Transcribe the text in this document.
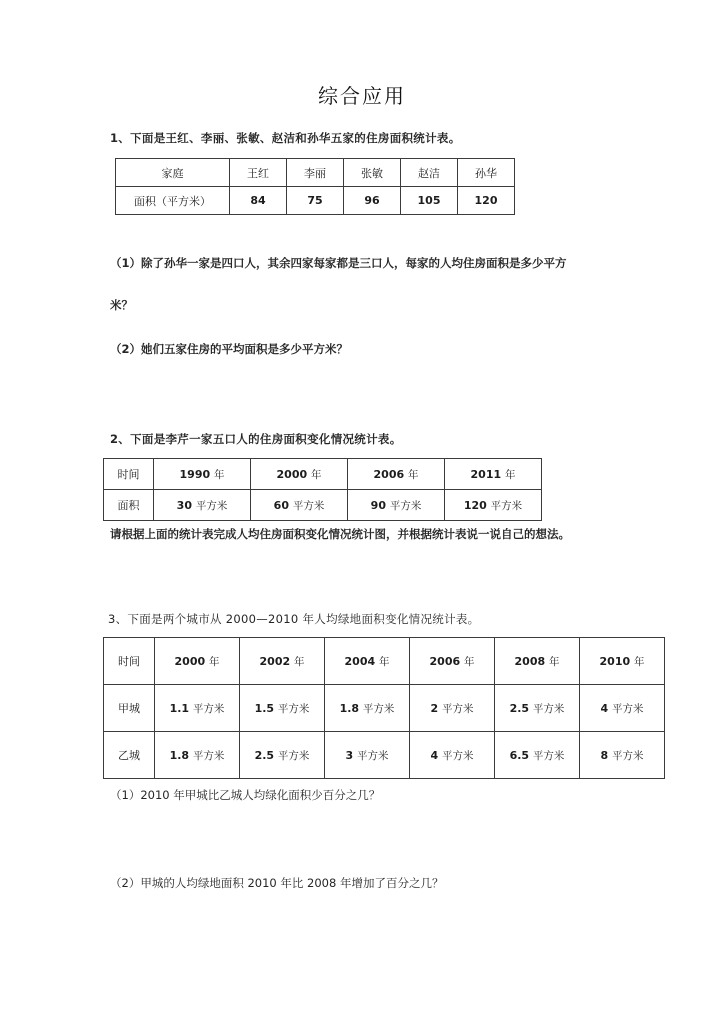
综合应用
1、下面是王红、李丽、张敏、赵洁和孙华五家的住房面积统计表。
家庭	王红	李丽	张敏	赵洁	孙华
面积（平方米）	84	75	96	105	120
（1）除了孙华一家是四口人，其余四家每家都是三口人，每家的人均住房面积是多少平方
米？
（2）她们五家住房的平均面积是多少平方米？
2、下面是李芹一家五口人的住房面积变化情况统计表。
时间	1990 年	2000 年	2006 年	2011 年
面积	30 平方米	60 平方米	90 平方米	120 平方米
请根据上面的统计表完成人均住房面积变化情况统计图，并根据统计表说一说自己的想法。
3、下面是两个城市从 2000—2010 年人均绿地面积变化情况统计表。
时间	2000 年	2002 年	2004 年	2006 年	2008 年	2010 年
甲城	1.1 平方米	1.5 平方米	1.8 平方米	2 平方米	2.5 平方米	4 平方米
乙城	1.8 平方米	2.5 平方米	3 平方米	4 平方米	6.5 平方米	8 平方米
（1）2010 年甲城比乙城人均绿化面积少百分之几？
（2）甲城的人均绿地面积 2010 年比 2008 年增加了百分之几？
